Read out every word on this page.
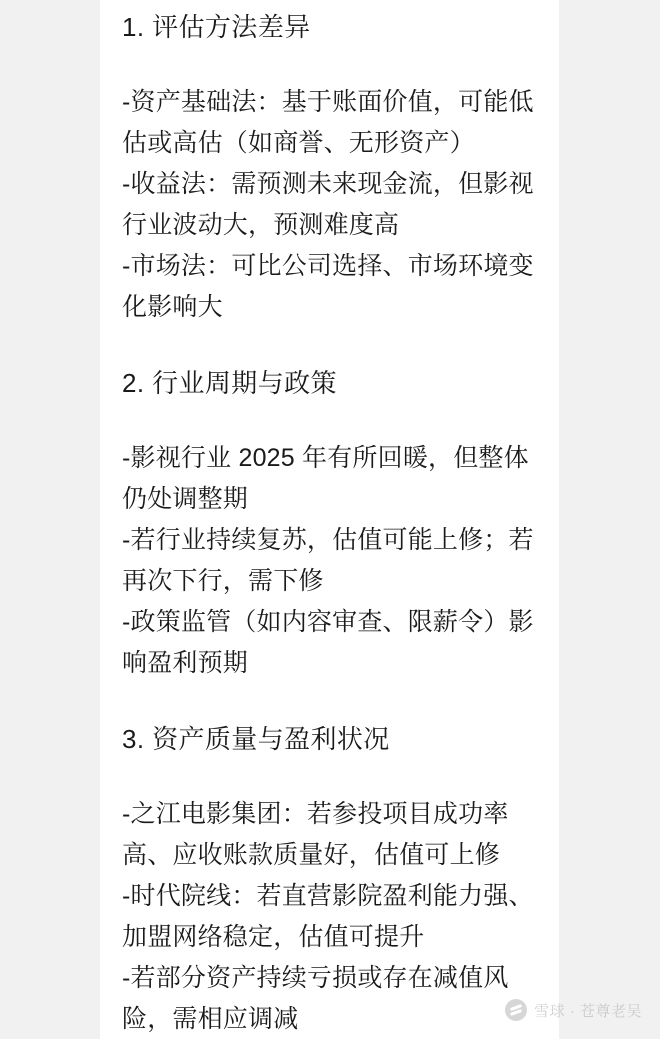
1. 评估方法差异

-资产基础法：基于账面价值，可能低估或高估（如商誉、无形资产）

-收益法：需预测未来现金流，但影视行业波动大，预测难度高

-市场法：可比公司选择、市场环境变化影响大

2. 行业周期与政策

-影视行业 2025 年有所回暖，但整体仍处调整期

-若行业持续复苏，估值可能上修；若再次下行，需下修

-政策监管（如内容审查、限薪令）影响盈利预期

3. 资产质量与盈利状况

-之江电影集团：若参投项目成功率高、应收账款质量好，估值可上修

-时代院线：若直营影院盈利能力强、加盟网络稳定，估值可提升

-若部分资产持续亏损或存在减值风险，需相应调减	雪球 · 苍尊老吴
